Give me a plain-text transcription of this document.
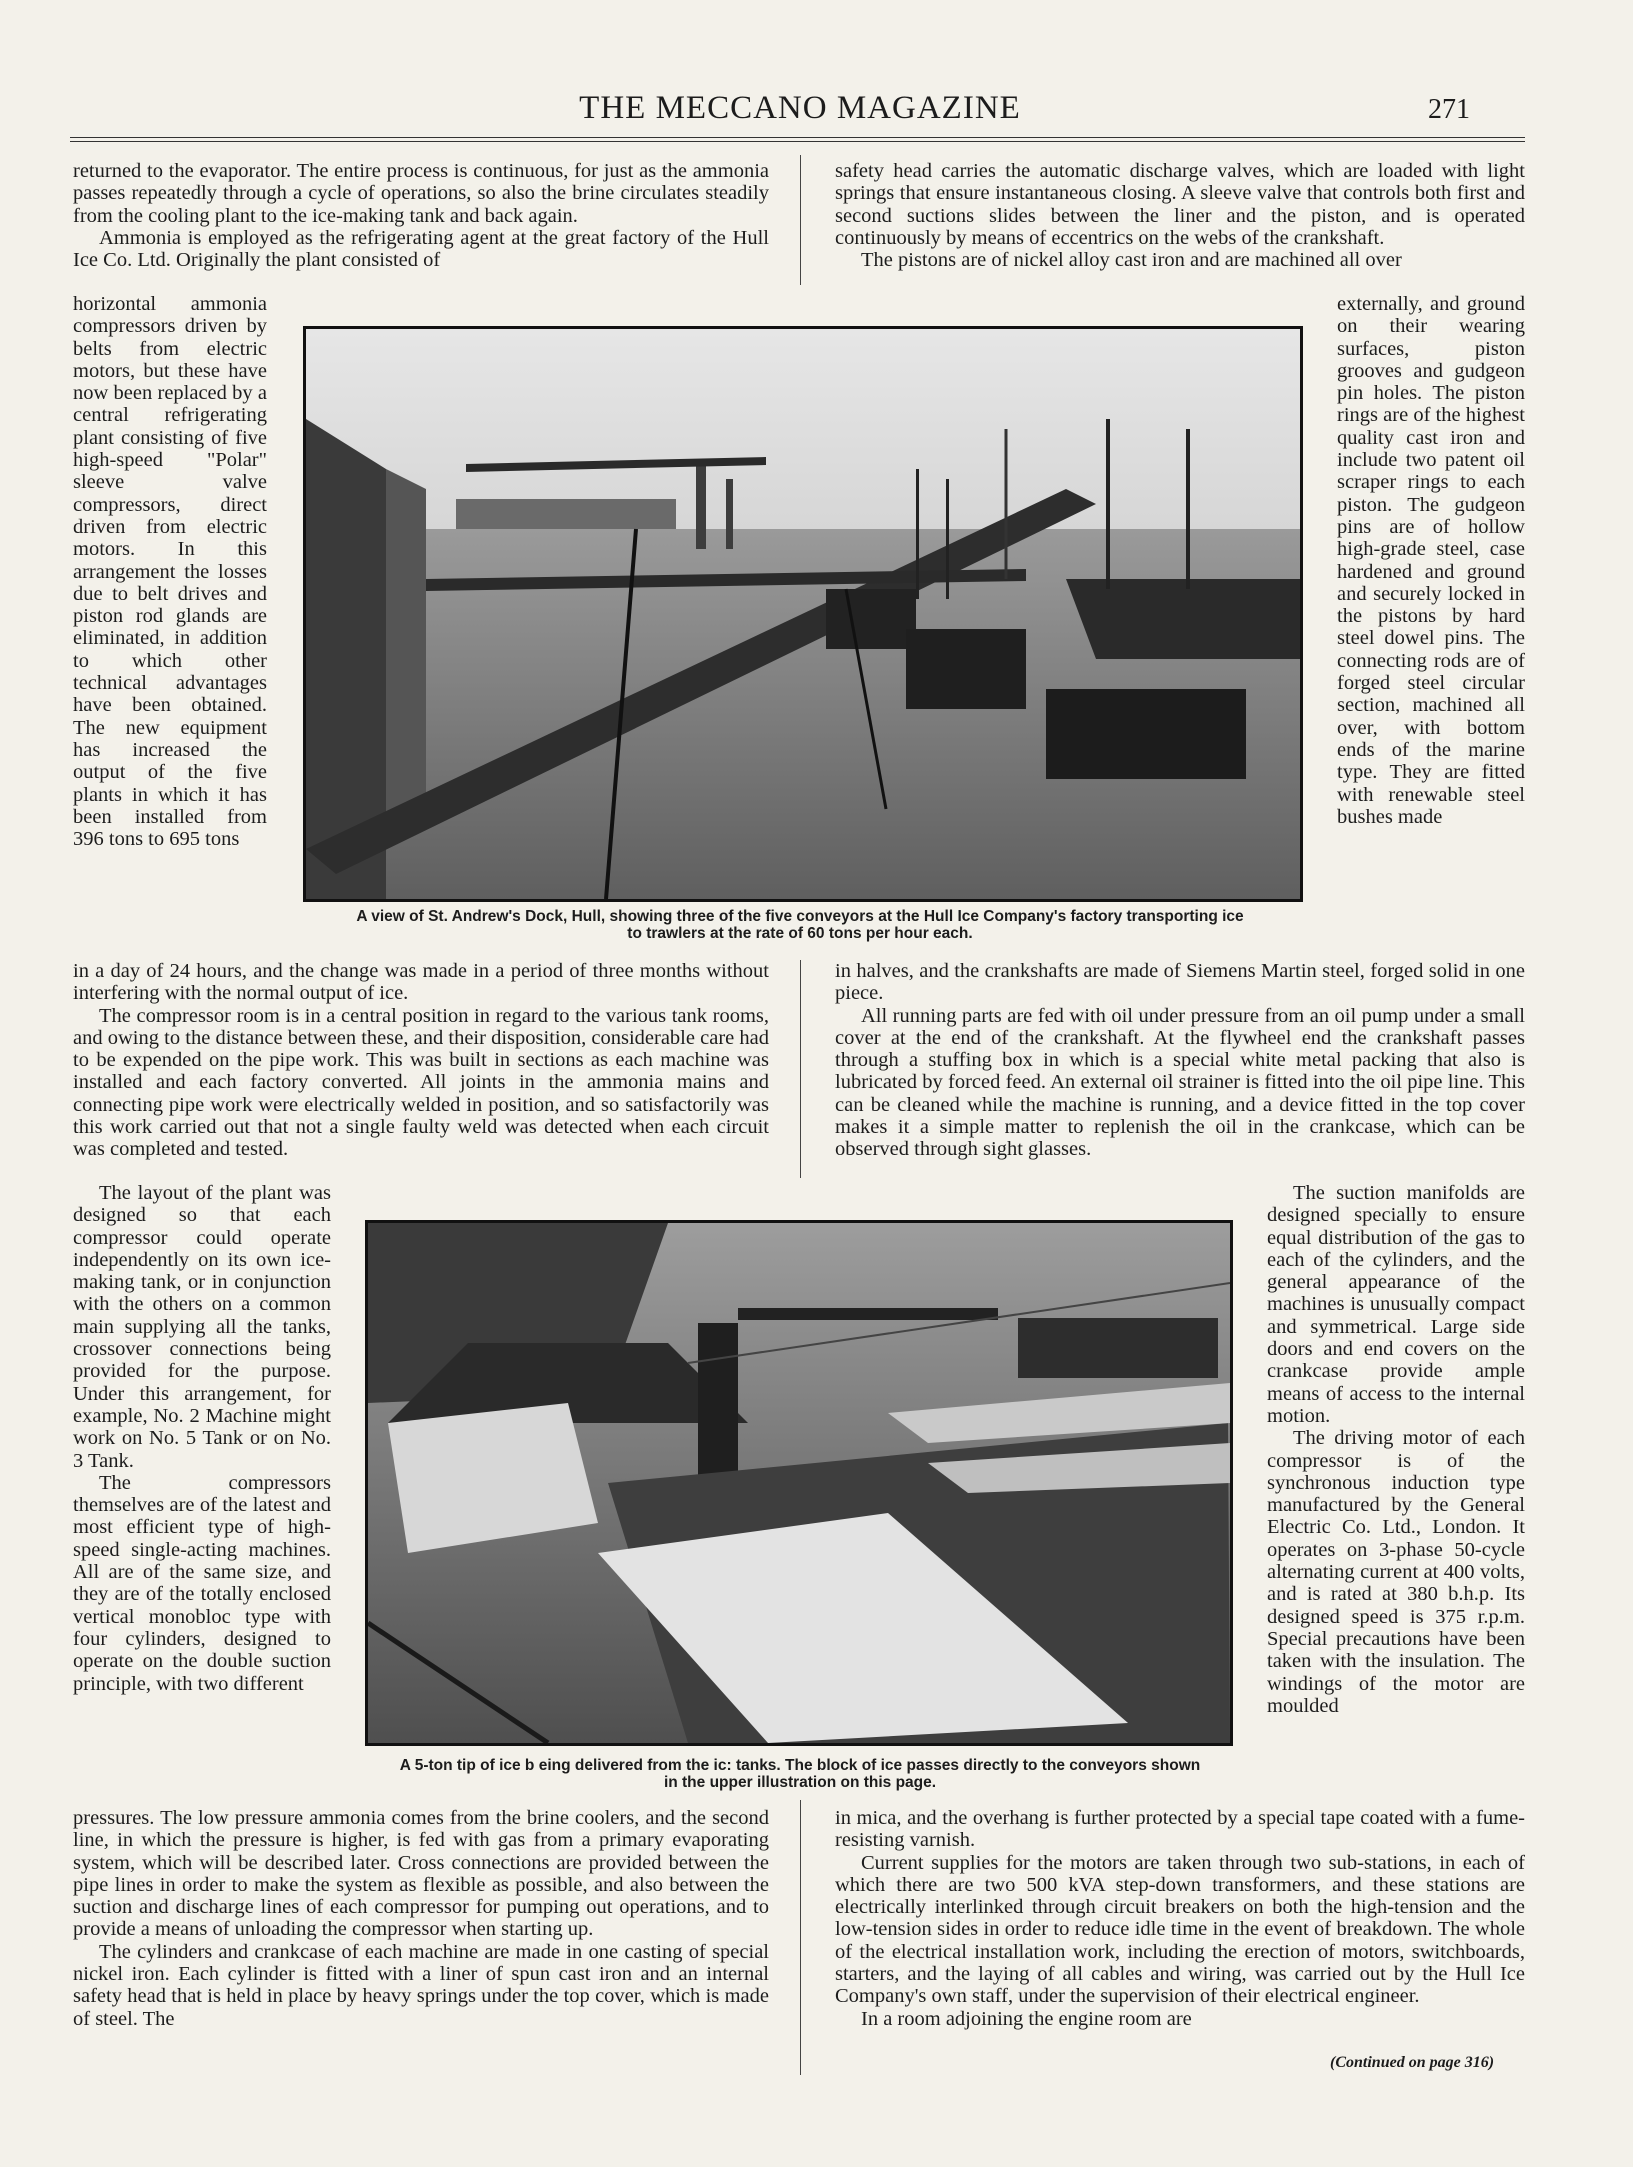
THE MECCANO MAGAZINE	271

returned to the evaporator. The entire process is continuous, for just as the ammonia passes repeatedly through a cycle of operations, so also the brine circulates steadily from the cooling plant to the ice-making tank and back again.

Ammonia is employed as the refrigerating agent at the great factory of the Hull Ice Co. Ltd. Originally the plant consisted of

horizontal ammonia compressors driven by belts from electric motors, but these have now been replaced by a central refrigerating plant consisting of five high-speed "Polar" sleeve valve compressors, direct driven from electric motors. In this arrangement the losses due to belt drives and piston rod glands are eliminated, in addition to which other technical advantages have been obtained. The new equipment has increased the output of the five plants in which it has been installed from 396 tons to 695 tons

in a day of 24 hours, and the change was made in a period of three months without interfering with the normal output of ice.

The compressor room is in a central position in regard to the various tank rooms, and owing to the distance between these, and their disposition, considerable care had to be expended on the pipe work. This was built in sections as each machine was installed and each factory converted. All joints in the ammonia mains and connecting pipe work were electrically welded in position, and so satisfactorily was this work carried out that not a single faulty weld was detected when each circuit was completed and tested.

The layout of the plant was designed so that each compressor could operate independently on its own ice-making tank, or in conjunction with the others on a common main supplying all the tanks, crossover connections being provided for the purpose. Under this arrangement, for example, No. 2 Machine might work on No. 5 Tank or on No. 3 Tank.

The compressors themselves are of the latest and most efficient type of high-speed single-acting machines. All are of the same size, and they are of the totally enclosed vertical monobloc type with four cylinders, designed to operate on the double suction principle, with two different

pressures. The low pressure ammonia comes from the brine coolers, and the second line, in which the pressure is higher, is fed with gas from a primary evaporating system, which will be described later. Cross connections are provided between the pipe lines in order to make the system as flexible as possible, and also between the suction and discharge lines of each compressor for pumping out operations, and to provide a means of unloading the compressor when starting up.

The cylinders and crankcase of each machine are made in one casting of special nickel iron. Each cylinder is fitted with a liner of spun cast iron and an internal safety head that is held in place by heavy springs under the top cover, which is made of steel. The

safety head carries the automatic discharge valves, which are loaded with light springs that ensure instantaneous closing. A sleeve valve that controls both first and second suctions slides between the liner and the piston, and is operated continuously by means of eccentrics on the webs of the crankshaft.

The pistons are of nickel alloy cast iron and are machined all over

externally, and ground on their wearing surfaces, piston grooves and gudgeon pin holes. The piston rings are of the highest quality cast iron and include two patent oil scraper rings to each piston. The gudgeon pins are of hollow high-grade steel, case hardened and ground and securely locked in the pistons by hard steel dowel pins. The connecting rods are of forged steel circular section, machined all over, with bottom ends of the marine type. They are fitted with renewable steel bushes made

in halves, and the crankshafts are made of Siemens Martin steel, forged solid in one piece.

All running parts are fed with oil under pressure from an oil pump under a small cover at the end of the crankshaft. At the flywheel end the crankshaft passes through a stuffing box in which is a special white metal packing that also is lubricated by forced feed. An external oil strainer is fitted into the oil pipe line. This can be cleaned while the machine is running, and a device fitted in the top cover makes it a simple matter to replenish the oil in the crankcase, which can be observed through sight glasses.

The suction manifolds are designed specially to ensure equal distribution of the gas to each of the cylinders, and the general appearance of the machines is unusually compact and symmetrical. Large side doors and end covers on the crankcase provide ample means of access to the internal motion.

The driving motor of each compressor is of the synchronous induction type manufactured by the General Electric Co. Ltd., London. It operates on 3-phase 50-cycle alternating current at 400 volts, and is rated at 380 b.h.p. Its designed speed is 375 r.p.m. Special precautions have been taken with the insulation. The windings of the motor are moulded

in mica, and the overhang is further protected by a special tape coated with a fume-resisting varnish.

Current supplies for the motors are taken through two sub-stations, in each of which there are two 500 kVA step-down transformers, and these stations are electrically interlinked through circuit breakers on both the high-tension and the low-tension sides in order to reduce idle time in the event of breakdown. The whole of the electrical installation work, including the erection of motors, switchboards, starters, and the laying of all cables and wiring, was carried out by the Hull Ice Company's own staff, under the supervision of their electrical engineer.

In a room adjoining the engine room are

(Continued on page 316)
A view of St. Andrew's Dock, Hull, showing three of the five conveyors at the Hull Ice Company's factory transporting ice
to trawlers at the rate of 60 tons per hour each.
A 5-ton tip of ice b eing delivered from the ic: tanks. The block of ice passes directly to the conveyors shown
in the upper illustration on this page.
